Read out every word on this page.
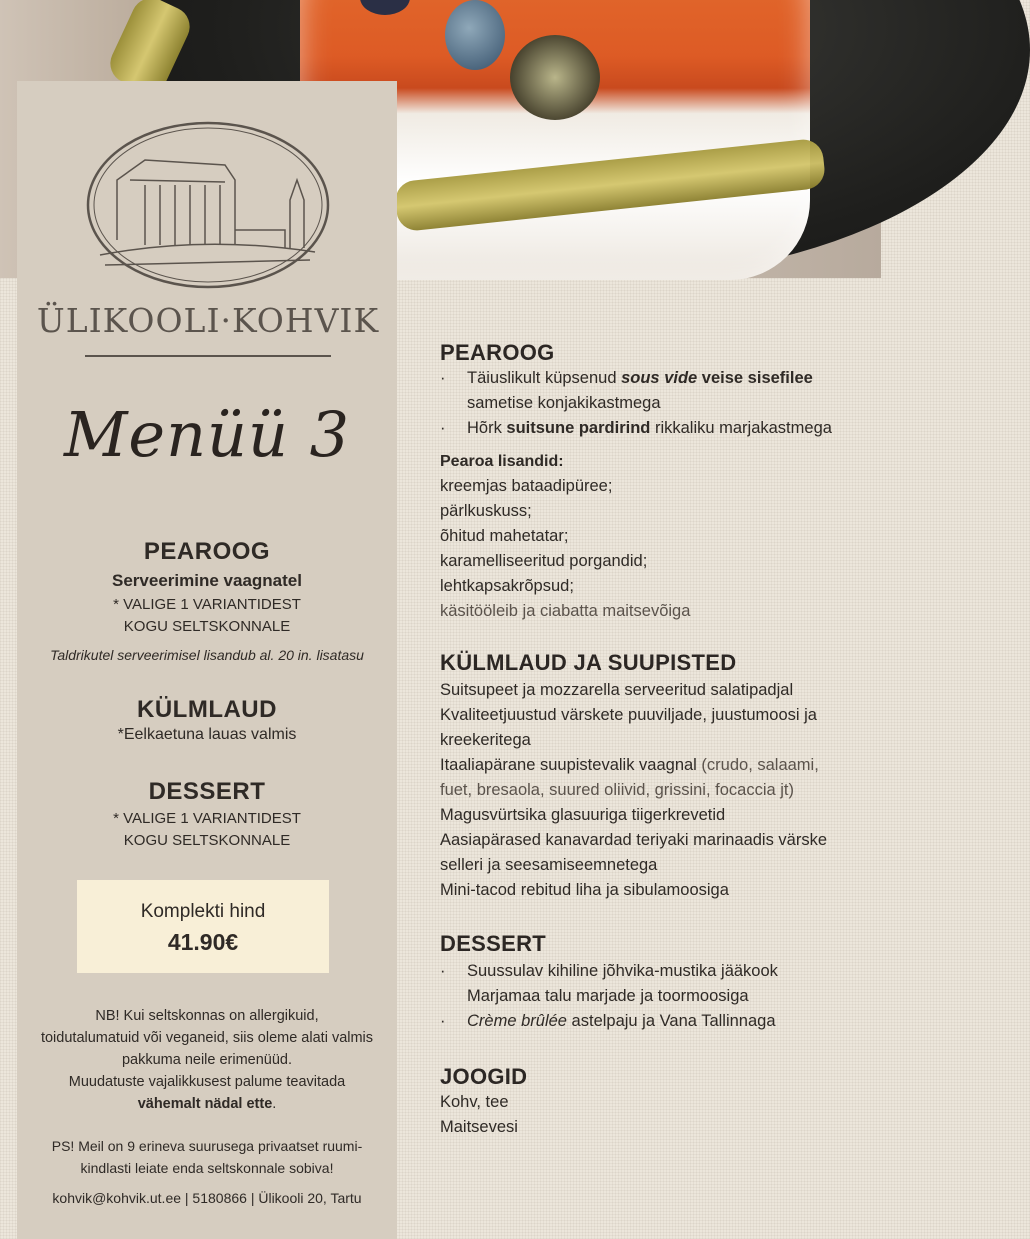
ÜLIKOOLI·KOHVIK
Menüü 3
PEAROOG
Serveerimine vaagnatel
* VALIGE 1 VARIANTIDEST
KOGU SELTSKONNALE
Taldrikutel serveerimisel lisandub al. 20 in. lisatasu
KÜLMLAUD
*Eelkaetuna lauas valmis
DESSERT
* VALIGE 1 VARIANTIDEST
KOGU SELTSKONNALE
Komplekti hind
41.90€
NB! Kui seltskonnas on allergikuid,
toidutalumatuid või veganeid, siis oleme alati valmis
pakkuma neile erimenüüd.
Muudatuste vajalikkusest palume teavitada
vähemalt nädal ette.
PS! Meil on 9 erineva suurusega privaatset ruumi-
kindlasti leiate enda seltskonnale sobiva!
kohvik@kohvik.ut.ee | 5180866 | Ülikooli 20, Tartu
PEAROOG
· Täiuslikult küpsenud sous vide veise sisefilee
sametise konjakikastmega
· Hõrk suitsune pardirind rikkaliku marjakastmega
Pearoa lisandid:
kreemjas bataadipüree;
pärlkuskuss;
õhitud mahetatar;
karamelliseeritud porgandid;
lehtkapsakrõpsud;
käsitööleib ja ciabatta maitsevõiga
KÜLMLAUD JA SUUPISTED
Suitsupeet ja mozzarella serveeritud salatipadjal
Kvaliteetjuustud värskete puuviljade, juustumoosi ja
kreekeritega
Itaaliapärane suupistevalik vaagnal (crudo, salaami,
fuet, bresaola, suured oliivid, grissini, focaccia jt)
Magusvürtsika glasuuriga tiigerkrevetid
Aasiapärased kanavardad teriyaki marinaadis värske
selleri ja seesamiseemnetega
Mini-tacod rebitud liha ja sibulamoosiga
DESSERT
· Suussulav kihiline jõhvika-mustika jääkook
Marjamaa talu marjade ja toormoosiga
· Crème brûlée astelpaju ja Vana Tallinnaga
JOOGID
Kohv, tee
Maitsevesi
